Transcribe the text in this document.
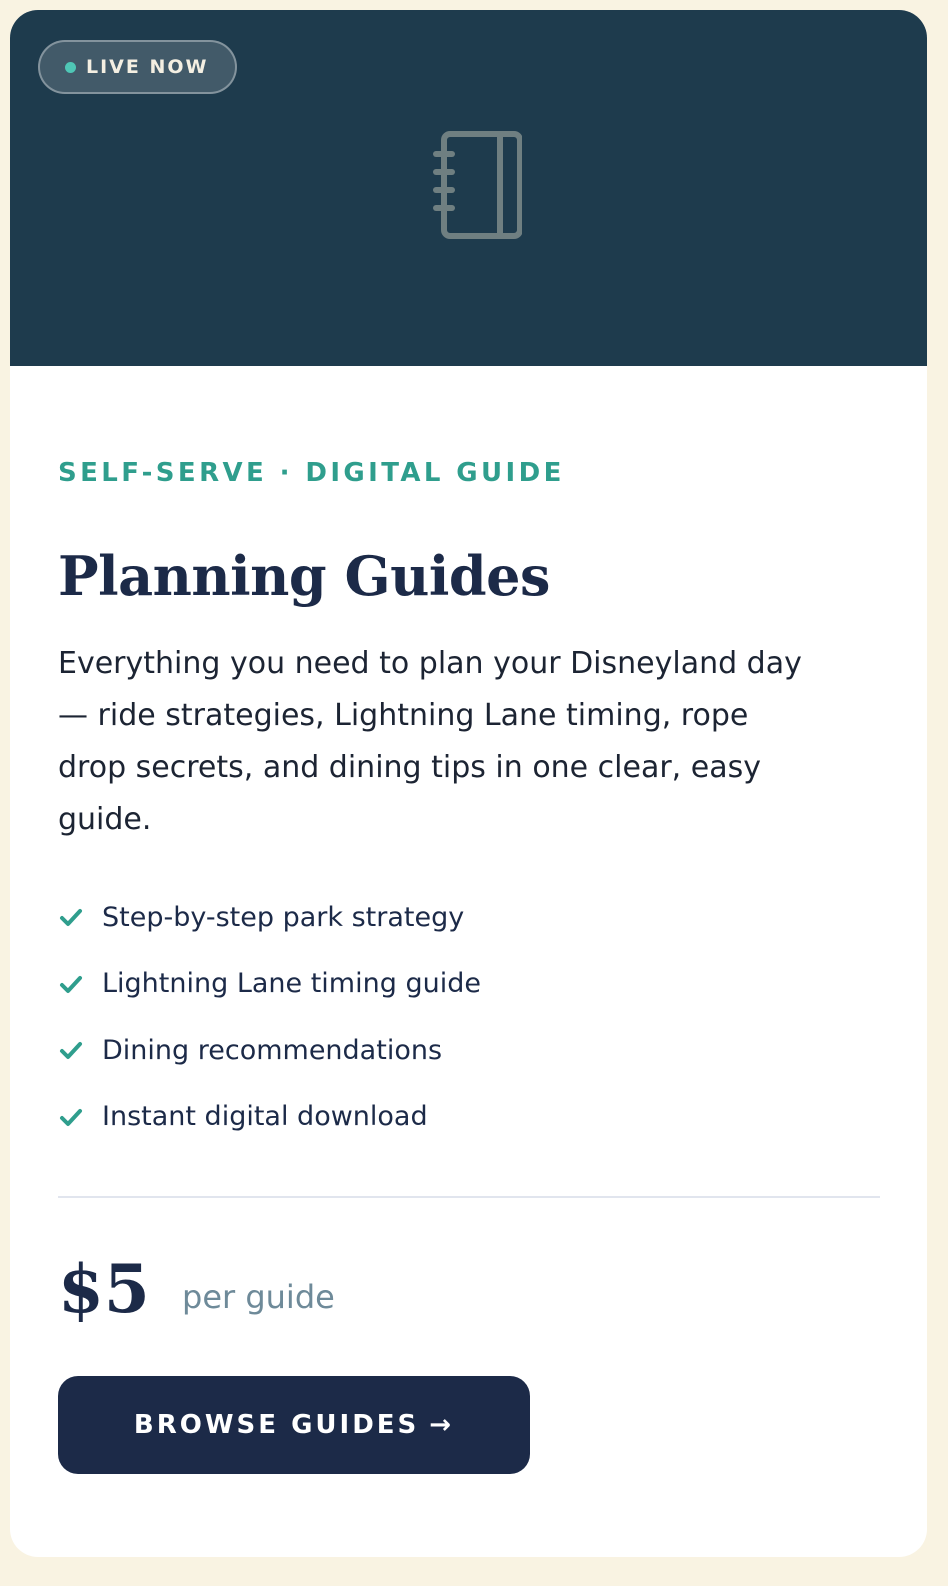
LIVE NOW
SELF-SERVE · DIGITAL GUIDE
Planning Guides

Everything you need to plan your Disneyland day — ride strategies, Lightning Lane timing, rope drop secrets, and dining tips in one clear, easy guide.

Step-by-step park strategy
Lightning Lane timing guide
Dining recommendations
Instant digital download
$5 per guide
BROWSE GUIDES →
